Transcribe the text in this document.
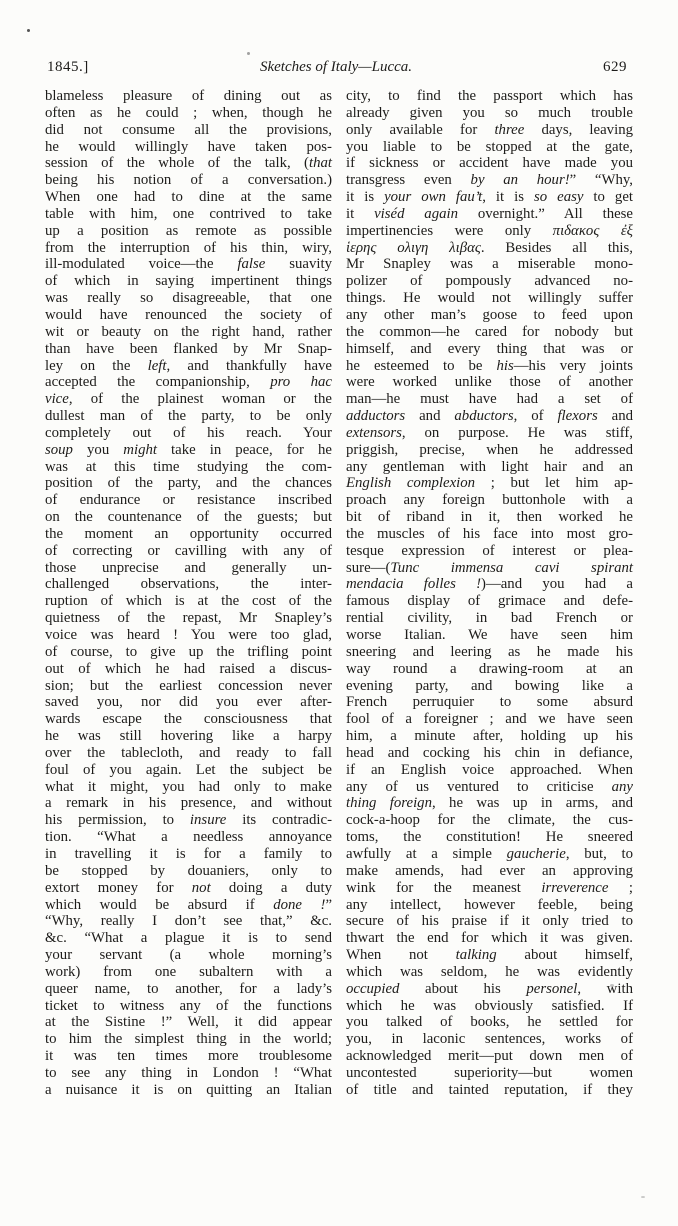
1845.]	Sketches of Italy—Lucca.	629
blameless pleasure of dining out as
often as he could ; when, though he
did not consume all the provisions,
he would willingly have taken pos-
session of the whole of the talk, (that
being his notion of a conversation.)
When one had to dine at the same
table with him, one contrived to take
up a position as remote as possible
from the interruption of his thin, wiry,
ill-modulated voice—the false suavity
of which in saying impertinent things
was really so disagreeable, that one
would have renounced the society of
wit or beauty on the right hand, rather
than have been flanked by Mr Snap-
ley on the left, and thankfully have
accepted the companionship, pro hac
vice, of the plainest woman or the
dullest man of the party, to be only
completely out of his reach. Your
soup you might take in peace, for he
was at this time studying the com-
position of the party, and the chances
of endurance or resistance inscribed
on the countenance of the guests; but
the moment an opportunity occurred
of correcting or cavilling with any of
those unprecise and generally un-
challenged observations, the inter-
ruption of which is at the cost of the
quietness of the repast, Mr Snapley’s
voice was heard ! You were too glad,
of course, to give up the trifling point
out of which he had raised a discus-
sion; but the earliest concession never
saved you, nor did you ever after-
wards escape the consciousness that
he was still hovering like a harpy
over the tablecloth, and ready to fall
foul of you again. Let the subject be
what it might, you had only to make
a remark in his presence, and without
his permission, to insure its contradic-
tion. “What a needless annoyance
in travelling it is for a family to
be stopped by douaniers, only to
extort money for not doing a duty
which would be absurd if done !”
“Why, really I don’t see that,” &c.
&c. “What a plague it is to send
your servant (a whole morning’s
work) from one subaltern with a
queer name, to another, for a lady’s
ticket to witness any of the functions
at the Sistine !” Well, it did appear
to him the simplest thing in the world;
it was ten times more troublesome
to see any thing in London ! “What
a nuisance it is on quitting an Italian
city, to find the passport which has
already given you so much trouble
only available for three days, leaving
you liable to be stopped at the gate,
if sickness or accident have made you
transgress even by an hour!” “Why,
it is your own fau’t, it is so easy to get
it viséd again overnight.” All these
impertinencies were only πιδακος ἐξ
ἱερης ολιγη λιβας. Besides all this,
Mr Snapley was a miserable mono-
polizer of pompously advanced no-
things. He would not willingly suffer
any other man’s goose to feed upon
the common—he cared for nobody but
himself, and every thing that was or
he esteemed to be his—his very joints
were worked unlike those of another
man—he must have had a set of
adductors and abductors, of flexors and
extensors, on purpose. He was stiff,
priggish, precise, when he addressed
any gentleman with light hair and an
English complexion ; but let him ap-
proach any foreign buttonhole with a
bit of riband in it, then worked he
the muscles of his face into most gro-
tesque expression of interest or plea-
sure—(Tunc immensa cavi spirant
mendacia folles !)—and you had a
famous display of grimace and defe-
rential civility, in bad French or
worse Italian. We have seen him
sneering and leering as he made his
way round a drawing-room at an
evening party, and bowing like a
French perruquier to some absurd
fool of a foreigner ; and we have seen
him, a minute after, holding up his
head and cocking his chin in defiance,
if an English voice approached. When
any of us ventured to criticise any
thing foreign, he was up in arms, and
cock-a-hoop for the climate, the cus-
toms, the constitution! He sneered
awfully at a simple gaucherie, but, to
make amends, had ever an approving
wink for the meanest irreverence ;
any intellect, however feeble, being
secure of his praise if it only tried to
thwart the end for which it was given.
When not talking about himself,
which was seldom, he was evidently
occupied about his personel, with
which he was obviously satisfied. If
you talked of books, he settled for
you, in laconic sentences, works of
acknowledged merit—put down men of
uncontested superiority—but women
of title and tainted reputation, if they
